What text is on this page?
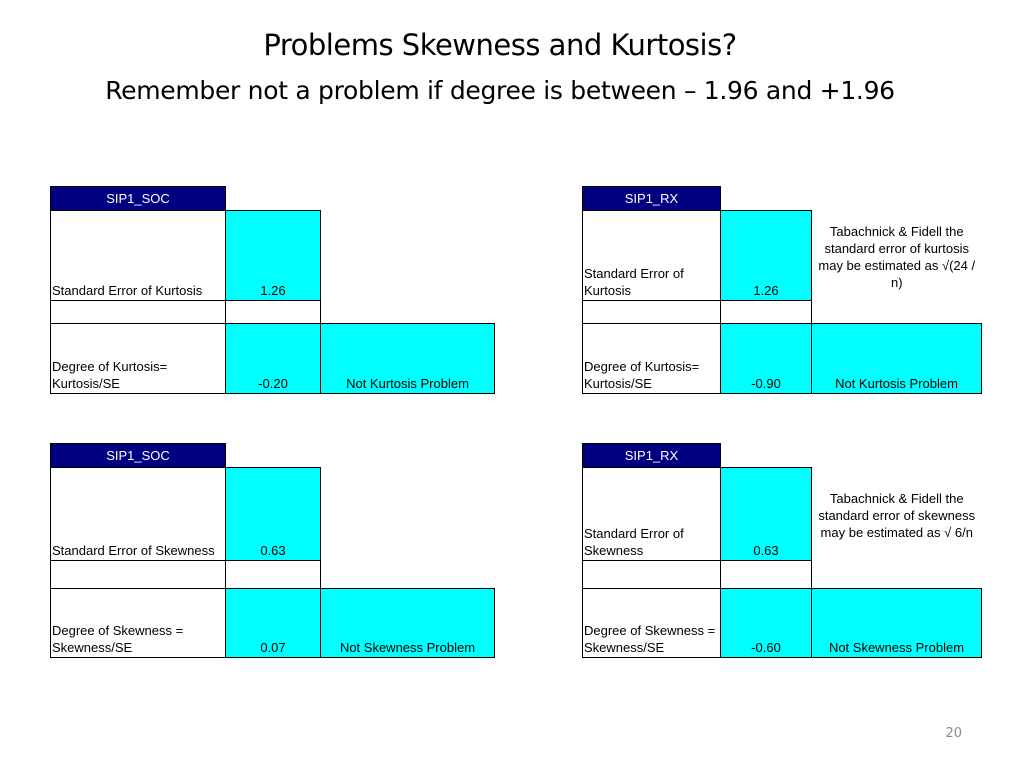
Problems Skewness and Kurtosis?
Remember not a problem if degree is between – 1.96 and +1.96
SIP1_SOC		
Standard Error of Kurtosis	1.26	

Degree of Kurtosis= Kurtosis/SE	-0.20	Not Kurtosis Problem
SIP1_RX		
Standard Error of Kurtosis	1.26	Tabachnick & Fidell the standard error of kurtosis may be estimated as √(24 / n)

Degree of Kurtosis= Kurtosis/SE	-0.90	Not Kurtosis Problem
SIP1_SOC		
Standard Error of Skewness	0.63	

Degree of Skewness = Skewness/SE	0.07	Not Skewness Problem
SIP1_RX		
Standard Error of Skewness	0.63	Tabachnick & Fidell the standard error of skewness may be estimated as √ 6/n

Degree of Skewness = Skewness/SE	-0.60	Not Skewness Problem
20
